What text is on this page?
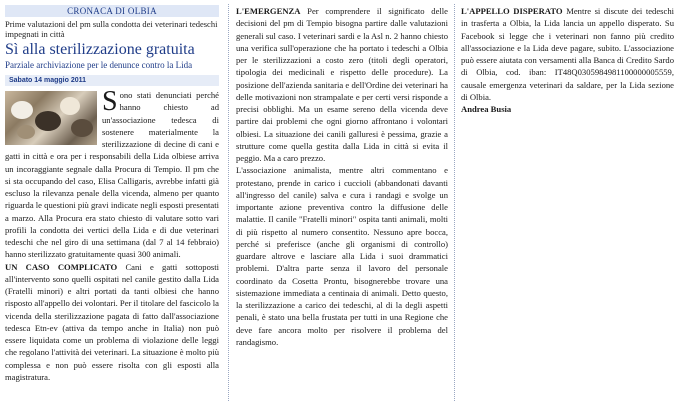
CRONACA DI OLBIA
Prime valutazioni del pm sulla condotta dei veterinari tedeschi impegnati in città
Sì alla sterilizzazione gratuita
Parziale archiviazione per le denunce contro la Lida
Sabato 14 maggio 2011

Sono stati denunciati perché hanno chiesto ad un'associazione tedesca di sostenere materialmente la sterilizzazione di decine di cani e gatti in città e ora per i responsabili della Lida olbiese arriva un incoraggiante segnale dalla Procura di Tempio. Il pm che si sta occupando del caso, Elisa Calligaris, avrebbe infatti già escluso la rilevanza penale della vicenda, almeno per quanto riguarda le questioni più gravi indicate negli esposti presentati a marzo. Alla Procura era stato chiesto di valutare sotto vari profili la condotta dei vertici della Lida e di due veterinari tedeschi che nel giro di una settimana (dal 7 al 14 febbraio) hanno sterilizzato gratuitamente quasi 300 animali.

UN CASO COMPLICATO Cani e gatti sottoposti all'intervento sono quelli ospitati nel canile gestito dalla Lida (Fratelli minori) e altri portati da tanti olbiesi che hanno risposto all'appello dei volontari. Per il titolare del fascicolo la vicenda della sterilizzazione pagata di fatto dall'associazione tedesca Etn-ev (attiva da tempo anche in Italia) non può essere liquidata come un problema di violazione delle leggi che regolano l'attività dei veterinari. La situazione è molto più complessa e non può essere risolta con gli esposti alla magistratura.

L'EMERGENZA Per comprendere il significato delle decisioni del pm di Tempio bisogna partire dalle valutazioni generali sul caso. I veterinari sardi e la Asl n. 2 hanno chiesto una verifica sull'operazione che ha portato i tedeschi a Olbia per le sterilizzazioni a costo zero (titoli degli operatori, tipologia dei medicinali e rispetto delle procedure). La posizione dell'azienda sanitaria e dell'Ordine dei veterinari ha delle motivazioni non strampalate e per certi versi risponde a precisi obblighi. Ma un esame sereno della vicenda deve partire dai problemi che ogni giorno affrontano i volontari olbiesi. La situazione dei canili galluresi è pessima, grazie a strutture come quella gestita dalla Lida in città si evita il peggio. Ma a caro prezzo.

L'associazione animalista, mentre altri commentano e protestano, prende in carico i cuccioli (abbandonati davanti all'ingresso del canile) salva e cura i randagi e svolge un importante azione preventiva contro la diffusione delle malattie. Il canile "Fratelli minori" ospita tanti animali, molti di più rispetto al numero consentito. Nessuno apre bocca, perché si preferisce (anche gli organismi di controllo) guardare altrove e lasciare alla Lida i suoi drammatici problemi. D'altra parte senza il lavoro del personale coordinato da Cosetta Prontu, bisognerebbe trovare una sistemazione immediata a centinaia di animali. Detto questo, la sterilizzazione a carico dei tedeschi, al di la degli aspetti penali, è stato una bella frustata per tutti in una Regione che deve fare ancora molto per risolvere il problema del randagismo.

L'APPELLO DISPERATO Mentre si discute dei tedeschi in trasferta a Olbia, la Lida lancia un appello disperato. Su Facebook si legge che i veterinari non fanno più credito all'associazione e la Lida deve pagare, subito. L'associazione può essere aiutata con versamenti alla Banca di Credito Sardo di Olbia, cod. iban: IT48Q0305984981100000005559, causale emergenza veterinari da saldare, per la Lida sezione di Olbia.

Andrea Busia
